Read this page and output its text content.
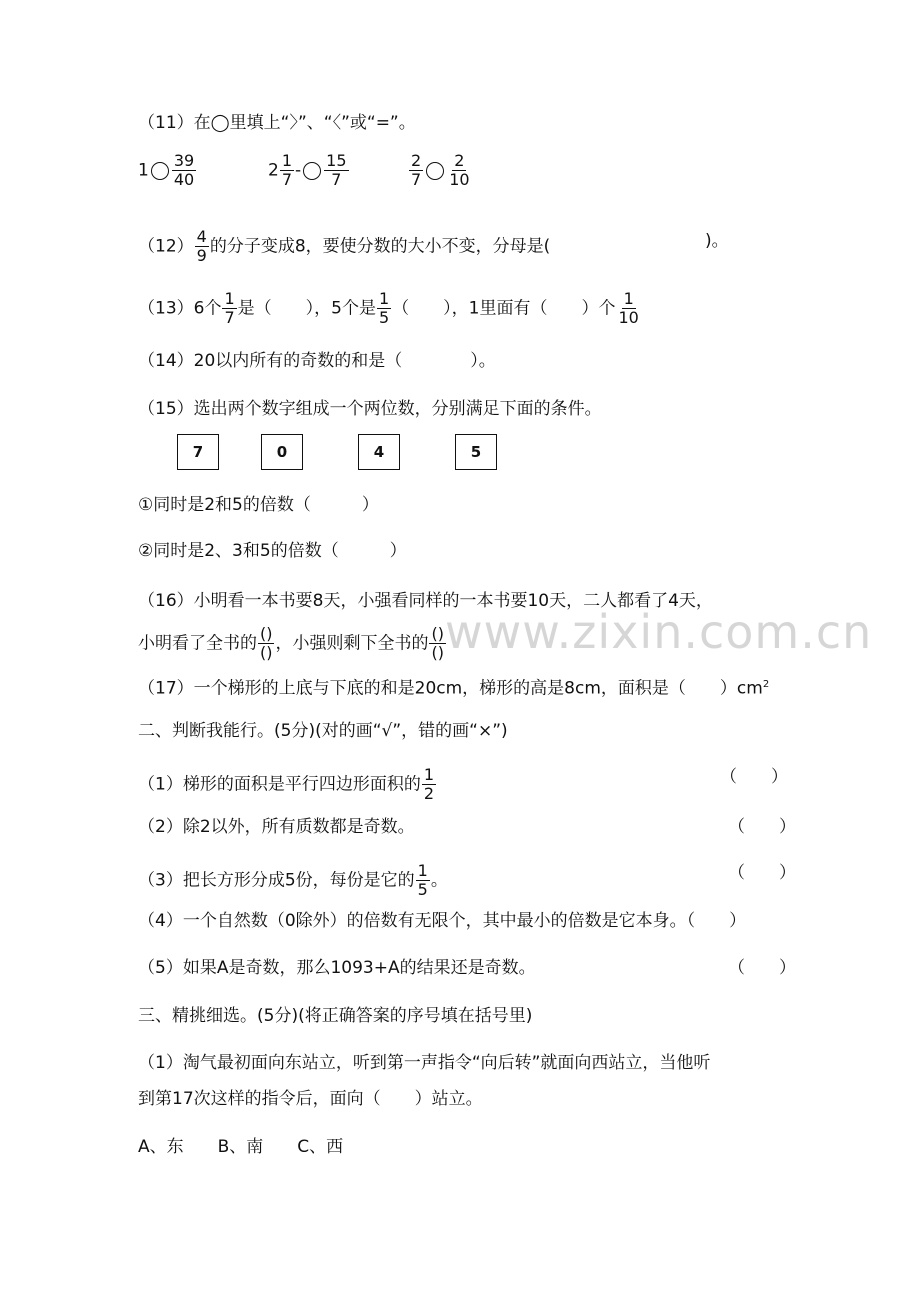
www.zixin.com.cn
（11）在◯里填上“〉”、“〈”或“=”。
$1 \frac{39}{40}$	$2 \frac{1}{7} - \frac{15}{7}$	$\frac{2}{7} \frac{2}{10}$
$(12) \frac{4}{9}$ 的分子变成8，要使分数的大小不变，分母是(	)。
（13）6个 $\frac{1}{7}$ 是（　　），5个是 $\frac{1}{5}$ （　　），1里面有（　　）个 $\frac{1}{10}$
（14）20以内所有的奇数的和是（　　　　）。
（15）选出两个数字组成一个两位数，分别满足下面的条件。
7	0	4	5
①同时是2和5的倍数（　　　）
②同时是2、3和5的倍数（　　　）
（16）小明看一本书要8天，小强看同样的一本书要10天，二人都看了4天，
小明看了全书的 $\frac{()}{()}$ ，小强则剩下全书的 $\frac{()}{()}$
（17）一个梯形的上底与下底的和是20cm，梯形的高是8cm，面积是（　　）$cm^2$
二、判断我能行。(5分)(对的画“√”，错的画“×”)
（1）梯形的面积是平行四边形面积的 $\frac{1}{2}$	（　　）
（2）除2以外，所有质数都是奇数。	（　　）
（3）把长方形分成5份，每份是它的 $\frac{1}{5}$ 。	（　　）
（4）一个自然数（0除外）的倍数有无限个，其中最小的倍数是它本身。（　　）
（5）如果A是奇数，那么1093+A的结果还是奇数。	（　　）
三、精挑细选。(5分)(将正确答案的序号填在括号里)
（1）淘气最初面向东站立，听到第一声指令“向后转”就面向西站立，当他听
到第17次这样的指令后，面向（　　）站立。
A、东　　B、南　　C、西
